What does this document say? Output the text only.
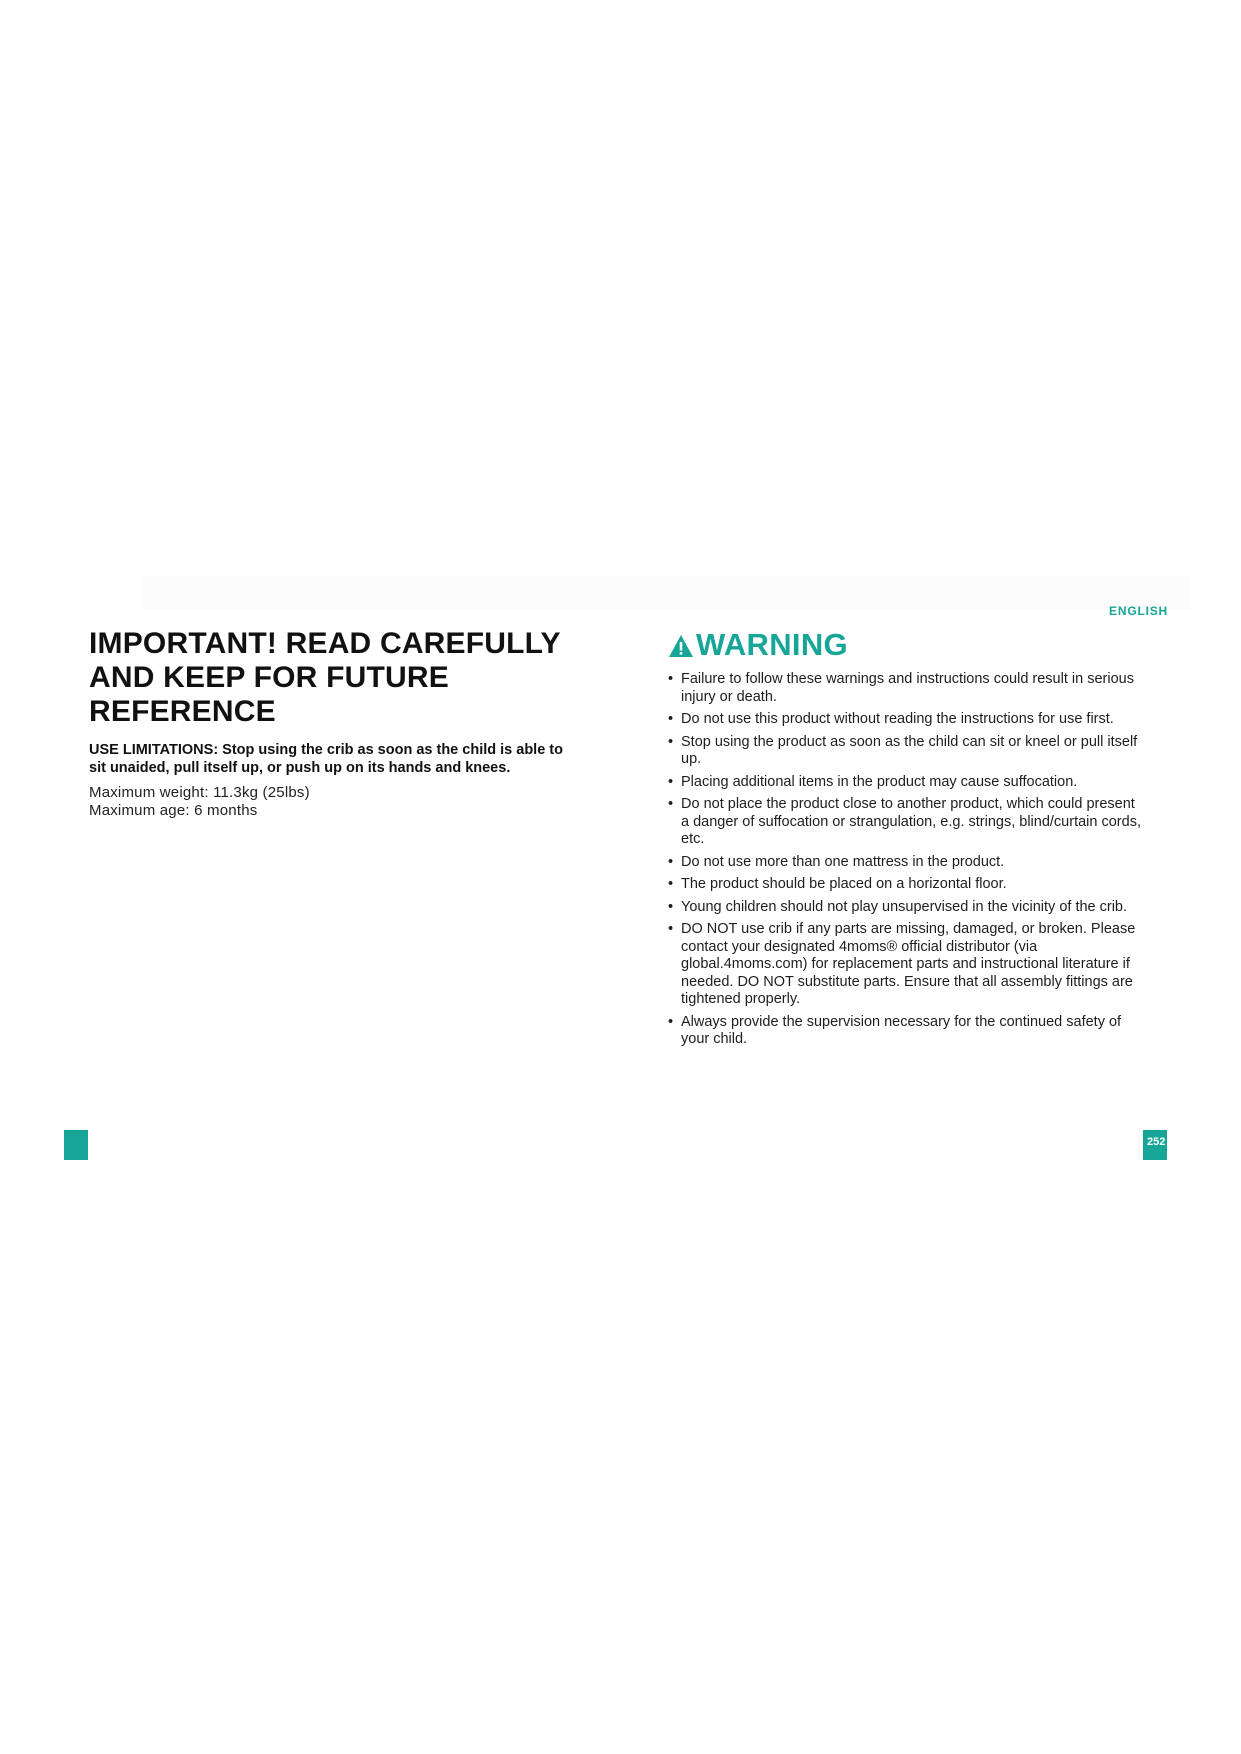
ENGLISH
IMPORTANT! READ CAREFULLY
AND KEEP FOR FUTURE
REFERENCE

USE LIMITATIONS: Stop using the crib as soon as the child is able to sit unaided, pull itself up, or push up on its hands and knees.

Maximum weight: 11.3kg (25lbs)
Maximum age: 6 months
WARNING
• Failure to follow these warnings and instructions could result in serious injury or death.
• Do not use this product without reading the instructions for use first.
• Stop using the product as soon as the child can sit or kneel or pull itself up.
• Placing additional items in the product may cause suffocation.
• Do not place the product close to another product, which could present a danger of suffocation or strangulation, e.g. strings, blind/curtain cords, etc.
• Do not use more than one mattress in the product.
• The product should be placed on a horizontal floor.
• Young children should not play unsupervised in the vicinity of the crib.
• DO NOT use crib if any parts are missing, damaged, or broken. Please contact your designated 4moms® official distributor (via global.4moms.com) for replacement parts and instructional literature if needed. DO NOT substitute parts. Ensure that all assembly fittings are tightened properly.
• Always provide the supervision necessary for the continued safety of your child.
252
